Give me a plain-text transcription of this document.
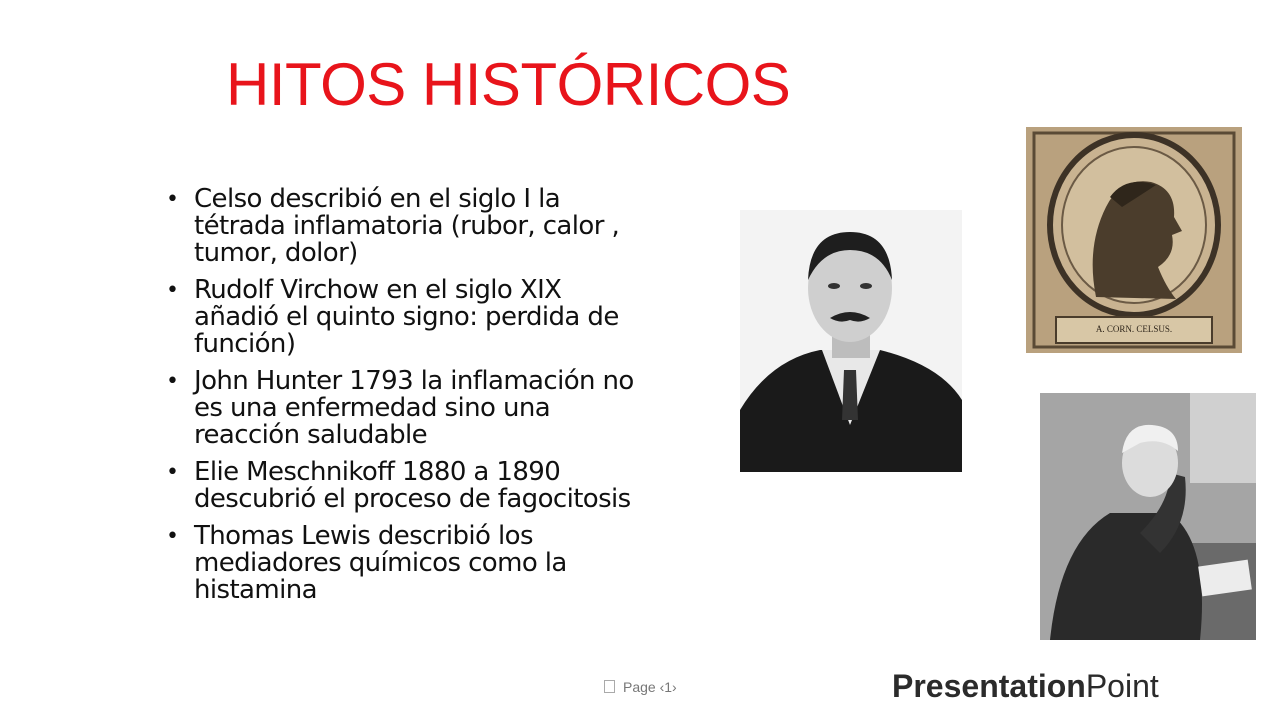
HITOS HISTÓRICOS
• Celso describió en el siglo I la tétrada inflamatoria (rubor, calor , tumor, dolor)
• Rudolf Virchow en el siglo XIX añadió el quinto signo: perdida de función)
• John Hunter 1793 la inflamación no es una enfermedad sino una reacción saludable
• Elie Meschnikoff 1880 a 1890 descubrió el proceso de fagocitosis
• Thomas Lewis describió los mediadores químicos como la histamina
A. CORN. CELSUS.
Page ‹1›	PresentationPoint
